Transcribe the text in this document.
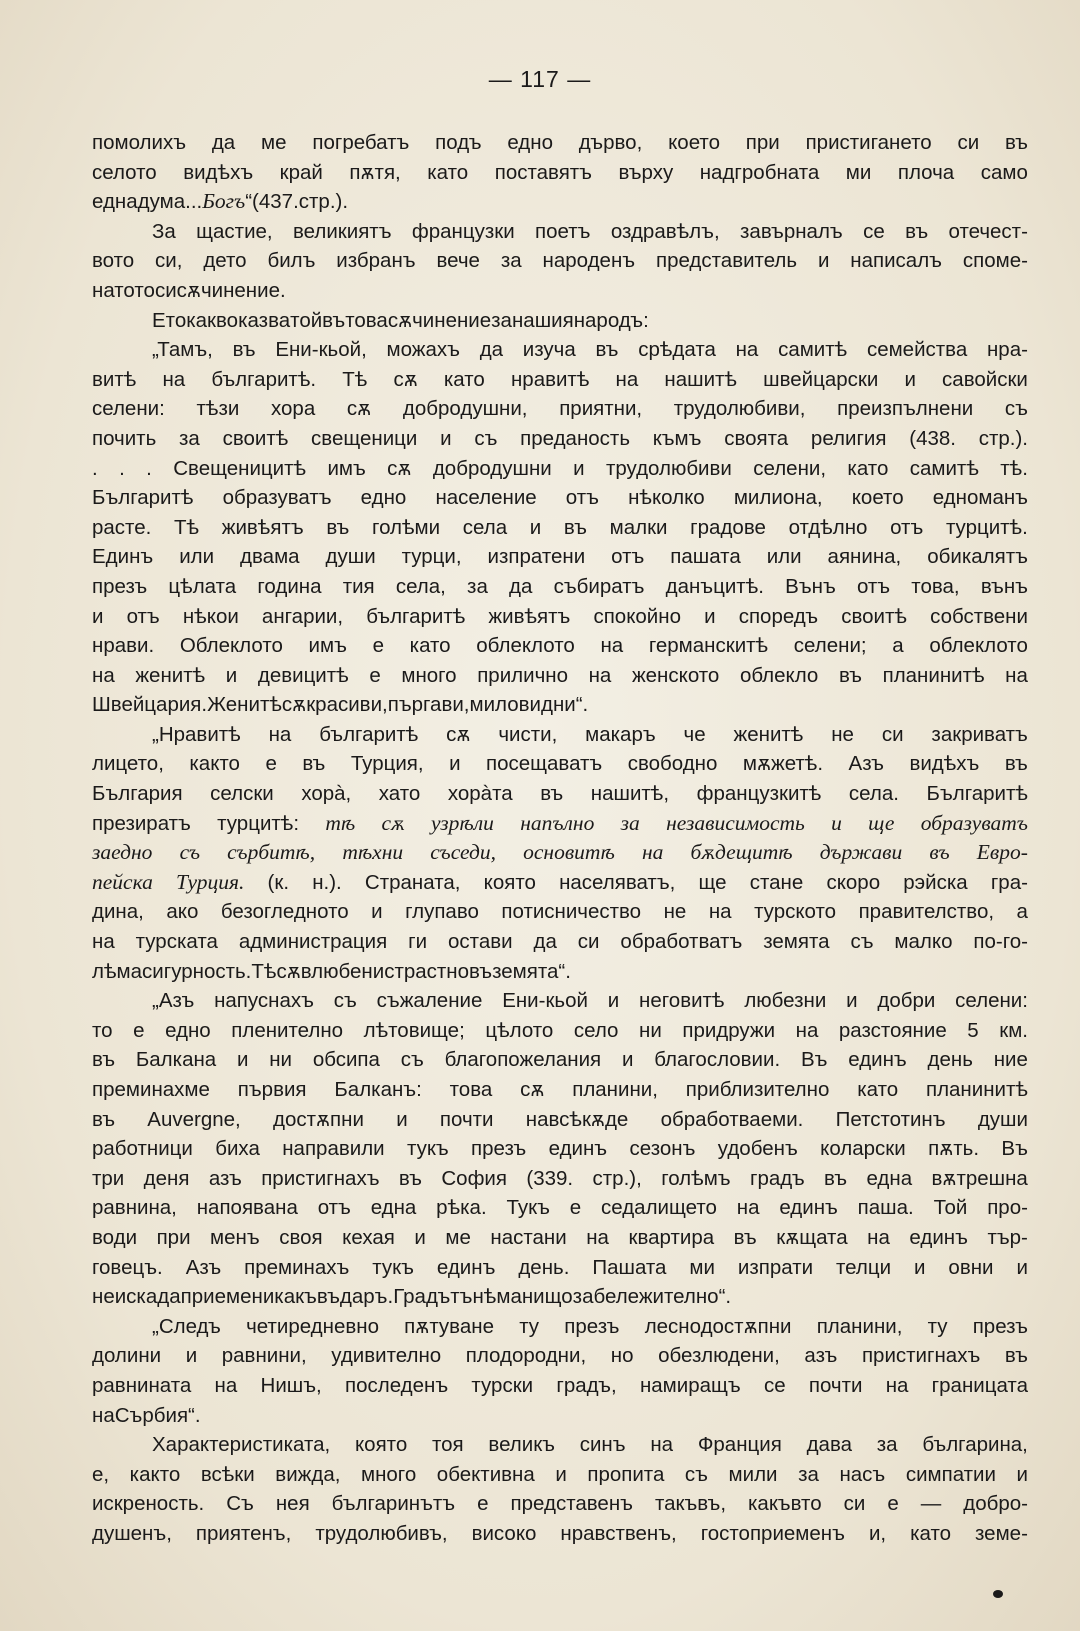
— 117 —
помолихъ да ме погребатъ подъ едно дърво, което при пристигането си въ
селото видѣхъ край пѫтя, като поставятъ върху надгробната ми плоча само
една дума . . . Богъ “ (437. стр.).
За щастие, великиятъ французки поетъ оздравѣлъ, завърналъ се въ отечест-
вото си, дето билъ избранъ вече за народенъ представитель и написалъ споме-
натото си сѫчинение.
Ето какво казва той въ това сѫчинение за нашия народъ:
„Тамъ, въ Ени-кьой, можахъ да изуча въ срѣдата на самитѣ семейства нра-
витѣ на българитѣ. Тѣ сѫ като нравитѣ на нашитѣ швейцарски и савойски
селени: тѣзи хора сѫ добродушни, приятни, трудолюбиви, преизпълнени съ
почить за своитѣ свещеници и съ преданость къмъ своята религия (438. стр.).
. . . Свещеницитѣ имъ сѫ добродушни и трудолюбиви селени, като самитѣ тѣ.
Българитѣ образуватъ едно население отъ нѣколко милиона, което едноманъ
расте. Тѣ живѣятъ въ голѣми села и въ малки градове отдѣлно отъ турцитѣ.
Единъ или двама души турци, изпратени отъ пашата или аянина, обикалятъ
презъ цѣлата година тия села, за да събиратъ данъцитѣ. Вънъ отъ това, вънъ
и отъ нѣкои ангарии, българитѣ живѣятъ спокойно и споредъ своитѣ собствени
нрави. Облеклото имъ е като облеклото на германскитѣ селени; а облеклото
на женитѣ и девицитѣ е много прилично на женското облекло въ планинитѣ на
Швейцария. Женитѣ сѫ красиви, пъргави, миловидни“.
„Нравитѣ на българитѣ сѫ чисти, макаръ че женитѣ не си закриватъ
лицето, както е въ Турция, и посещаватъ свободно мѫжетѣ. Азъ видѣхъ въ
България селски хорà, хато хорàта въ нашитѣ, французкитѣ села. Българитѣ
презиратъ турцитѣ: тѣ сѫ узрѣли напълно за независимость и ще образуватъ
заедно съ сърбитѣ, тѣхни съседи, основитѣ на бѫдещитѣ държави въ Евро-
пейска Турция. (к. н.). Страната, която населяватъ, ще стане скоро рэйска гра-
дина, ако безогледното и глупаво потисничество не на турското правителство, а
на турската администрация ги остави да си обработватъ земята съ малко по-го-
лѣма сигурность. Тѣ сѫ влюбени страстно въ земята“.
„Азъ напуснахъ съ съжаление Ени-кьой и неговитѣ любезни и добри селени:
то е едно пленително лѣтовище; цѣлото село ни придружи на разстояние 5 км.
въ Балкана и ни обсипа съ благопожелания и благословии. Въ единъ день ние
преминахме първия Балканъ: това сѫ планини, приблизително като планинитѣ
въ Auvergne, достѫпни и почти навсѣкѫде обработваеми. Петстотинъ души
работници биха направили тукъ презъ единъ сезонъ удобенъ коларски пѫть. Въ
три деня азъ пристигнахъ въ София (339. стр.), голѣмъ градъ въ една вѫтрешна
равнина, напоявана отъ една рѣка. Тукъ е седалището на единъ паша. Той про-
води при менъ своя кехая и ме настани на квартира въ кѫщата на единъ тър-
говецъ. Азъ преминахъ тукъ единъ день. Пашата ми изпрати телци и овни и
не иска да приеме никакъвъ даръ. Градътъ нѣма нищо забележително“.
„Следъ четиредневно пѫтуване ту презъ леснодостѫпни планини, ту презъ
долини и равнини, удивително плодородни, но обезлюдени, азъ пристигнахъ въ
равнината на Нишъ, последенъ турски градъ, намиращъ се почти на границата
на Сърбия“.
Характеристиката, която тоя великъ синъ на Франция дава за българина,
е, както всѣки вижда, много обективна и пропита съ мили за насъ симпатии и
искреность. Съ нея българинътъ е представенъ такъвъ, какъвто си е — добро-
душенъ, приятенъ, трудолюбивъ, високо нравственъ, гостоприеменъ и, като земе-
